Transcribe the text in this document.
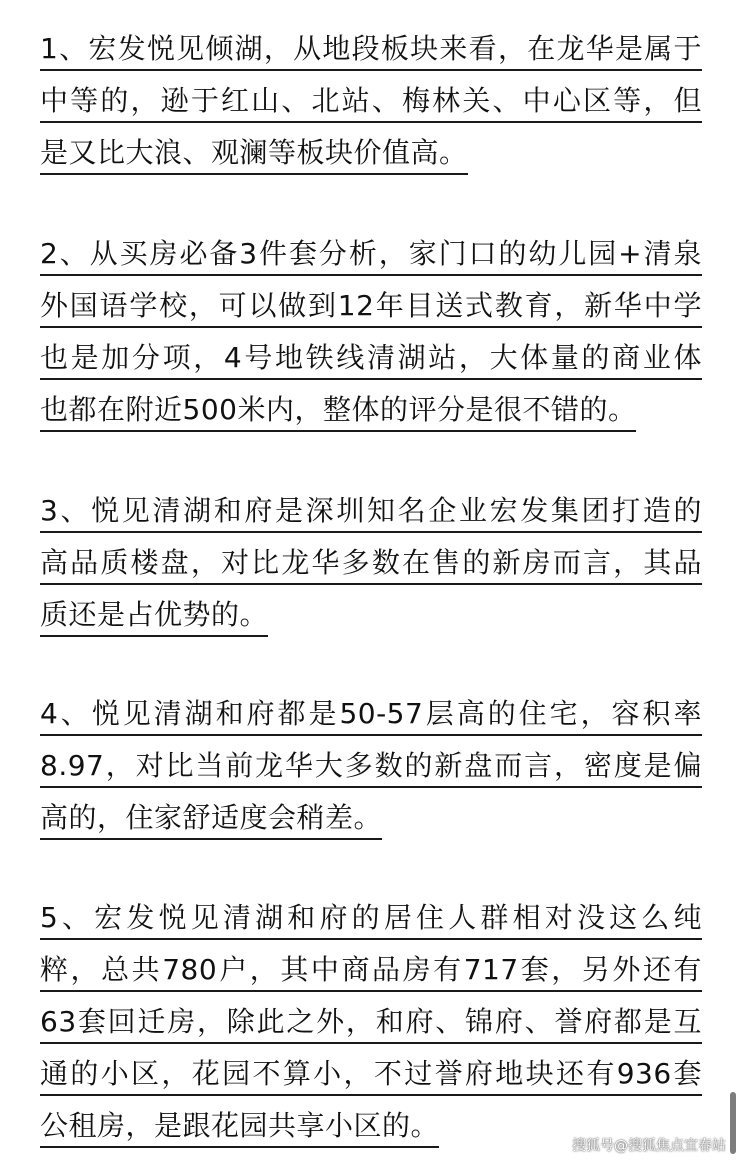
1、宏发悦见倾湖，从地段板块来看，在龙华是属于
中等的，逊于红山、北站、梅林关、中心区等，但
是又比大浪、观澜等板块价值高。
2、从买房必备3件套分析，家门口的幼儿园+清泉
外国语学校，可以做到12年目送式教育，新华中学
也是加分项，4号地铁线清湖站，大体量的商业体
也都在附近500米内，整体的评分是很不错的。
3、悦见清湖和府是深圳知名企业宏发集团打造的
高品质楼盘，对比龙华多数在售的新房而言，其品
质还是占优势的。
4、悦见清湖和府都是50-57层高的住宅，容积率
8.97，对比当前龙华大多数的新盘而言，密度是偏
高的，住家舒适度会稍差。
5、宏发悦见清湖和府的居住人群相对没这么纯
粹，总共780户，其中商品房有717套，另外还有
63套回迁房，除此之外，和府、锦府、誉府都是互
通的小区，花园不算小，不过誉府地块还有936套
公租房，是跟花园共享小区的。
搜狐号@搜狐焦点宜春站
